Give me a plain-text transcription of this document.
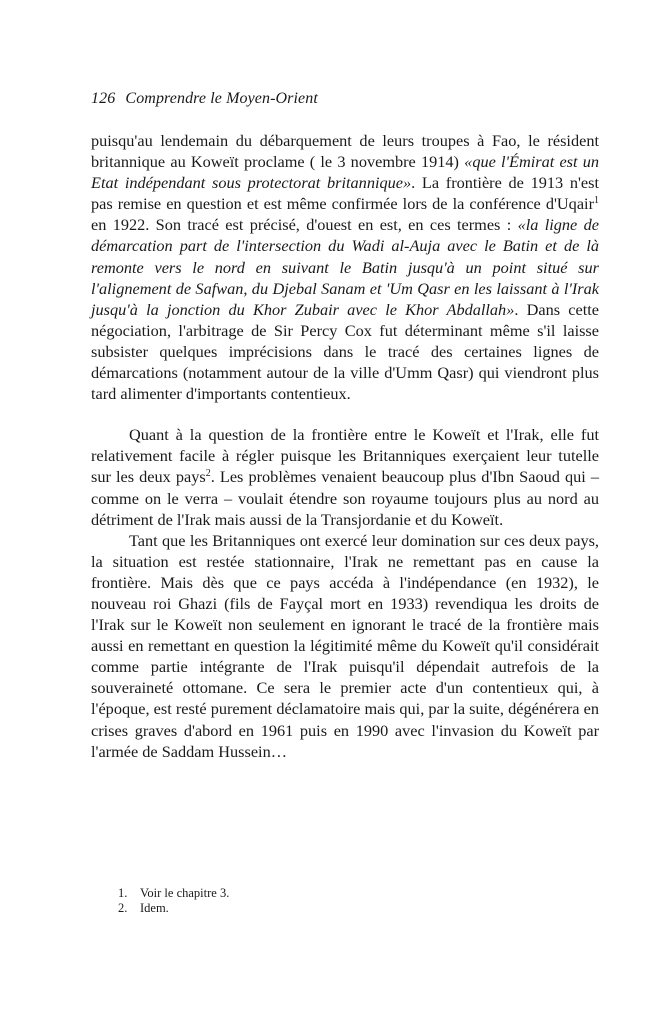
126 Comprendre le Moyen-Orient

puisqu'au lendemain du débarquement de leurs troupes à Fao, le résident britannique au Koweït proclame ( le 3 novembre 1914) «que l'Émirat est un Etat indépendant sous protectorat britannique». La frontière de 1913 n'est pas remise en question et est même confirmée lors de la conférence d'Uqair$^1$ en 1922. Son tracé est précisé, d'ouest en est, en ces termes : «la ligne de démarcation part de l'intersection du Wadi al-Auja avec le Batin et de là remonte vers le nord en suivant le Batin jusqu'à un point situé sur l'alignement de Safwan, du Djebal Sanam et 'Um Qasr en les laissant à l'Irak jusqu'à la jonction du Khor Zubair avec le Khor Abdallah». Dans cette négociation, l'arbitrage de Sir Percy Cox fut déterminant même s'il laisse subsister quelques imprécisions dans le tracé des certaines lignes de démarcations (notamment autour de la ville d'Umm Qasr) qui viendront plus tard alimenter d'importants contentieux.

Quant à la question de la frontière entre le Koweït et l'Irak, elle fut relativement facile à régler puisque les Britanniques exerçaient leur tutelle sur les deux pays$^2$. Les problèmes venaient beaucoup plus d'Ibn Saoud qui – comme on le verra – voulait étendre son royaume toujours plus au nord au détriment de l'Irak mais aussi de la Transjordanie et du Koweït.

Tant que les Britanniques ont exercé leur domination sur ces deux pays, la situation est restée stationnaire, l'Irak ne remettant pas en cause la frontière. Mais dès que ce pays accéda à l'indépendance (en 1932), le nouveau roi Ghazi (fils de Fayçal mort en 1933) revendiqua les droits de l'Irak sur le Koweït non seulement en ignorant le tracé de la frontière mais aussi en remettant en question la légitimité même du Koweït qu'il considérait comme partie intégrante de l'Irak puisqu'il dépendait autrefois de la souveraineté ottomane. Ce sera le premier acte d'un contentieux qui, à l'époque, est resté purement déclamatoire mais qui, par la suite, dégénérera en crises graves d'abord en 1961 puis en 1990 avec l'invasion du Koweït par l'armée de Saddam Hussein…

1.	Voir le chapitre 3.
2.	Idem.
